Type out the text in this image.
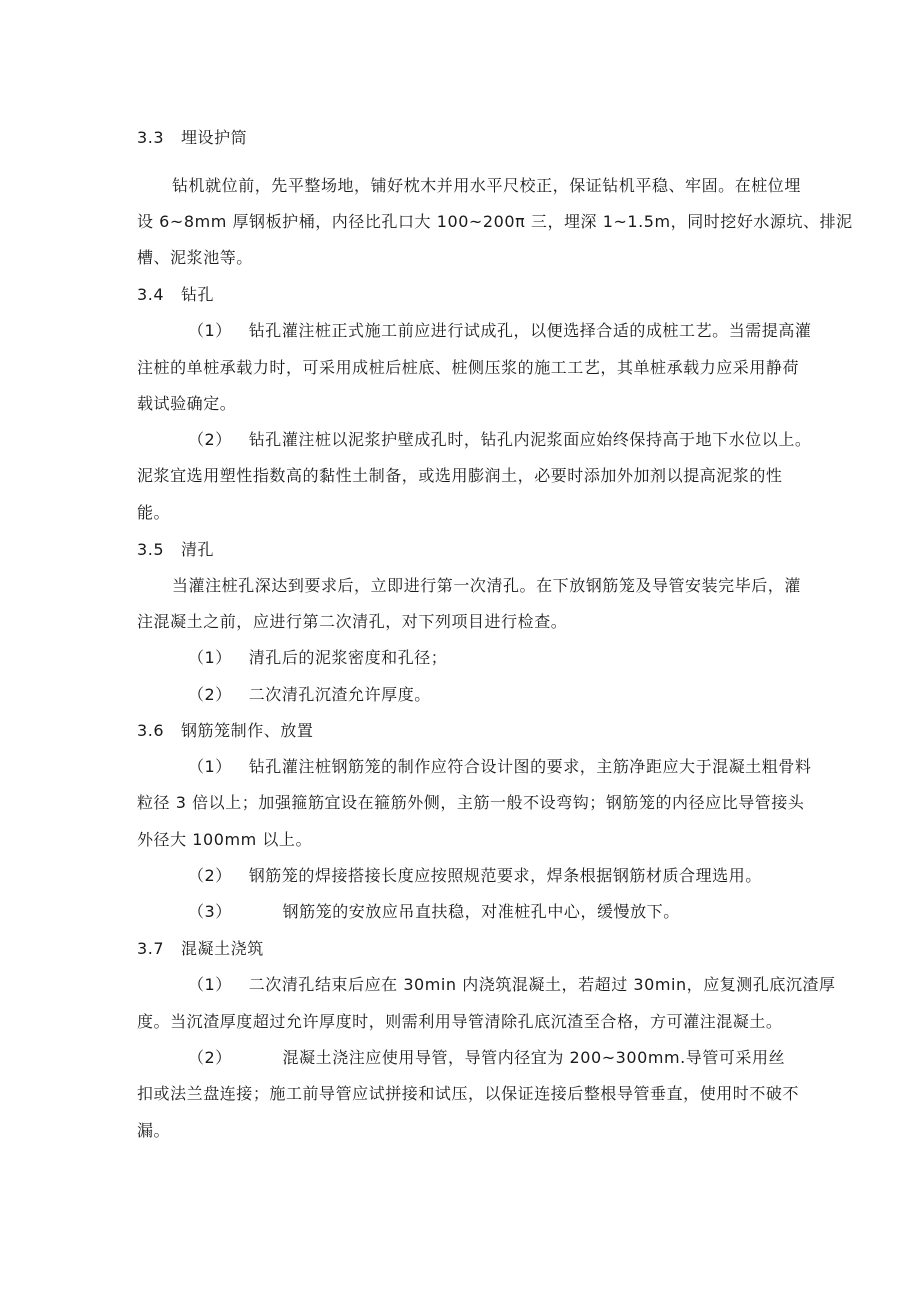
3.3   埋设护筒
钻机就位前，先平整场地，铺好枕木并用水平尺校正，保证钻机平稳、牢固。在桩位埋
设 6~8mm 厚钢板护桶，内径比孔口大 100~200π 三，埋深 1~1.5m，同时挖好水源坑、排泥
槽、泥浆池等。
3.4   钻孔
（1）   钻孔灌注桩正式施工前应进行试成孔，以便选择合适的成桩工艺。当需提高灌
注桩的单桩承载力时，可采用成桩后桩底、桩侧压浆的施工工艺，其单桩承载力应采用静荷
载试验确定。
（2）   钻孔灌注桩以泥浆护壁成孔时，钻孔内泥浆面应始终保持高于地下水位以上。
泥浆宜选用塑性指数高的黏性土制备，或选用膨润土，必要时添加外加剂以提高泥浆的性
能。
3.5   清孔
当灌注桩孔深达到要求后，立即进行第一次清孔。在下放钢筋笼及导管安装完毕后，灌
注混凝土之前，应进行第二次清孔，对下列项目进行检查。
（1）   清孔后的泥浆密度和孔径；
（2）   二次清孔沉渣允许厚度。
3.6   钢筋笼制作、放置
（1）   钻孔灌注桩钢筋笼的制作应符合设计图的要求，主筋净距应大于混凝土粗骨料
粒径 3 倍以上；加强箍筋宜设在箍筋外侧，主筋一般不设弯钩；钢筋笼的内径应比导管接头
外径大 100mm 以上。
（2）   钢筋笼的焊接搭接长度应按照规范要求，焊条根据钢筋材质合理选用。
（3）         钢筋笼的安放应吊直扶稳，对准桩孔中心，缓慢放下。
3.7   混凝土浇筑
（1）   二次清孔结束后应在 30min 内浇筑混凝土，若超过 30min，应复测孔底沉渣厚
度。当沉渣厚度超过允许厚度时，则需利用导管清除孔底沉渣至合格，方可灌注混凝土。
（2）         混凝土浇注应使用导管，导管内径宜为 200~300mm.导管可采用丝
扣或法兰盘连接；施工前导管应试拼接和试压，以保证连接后整根导管垂直，使用时不破不
漏。
